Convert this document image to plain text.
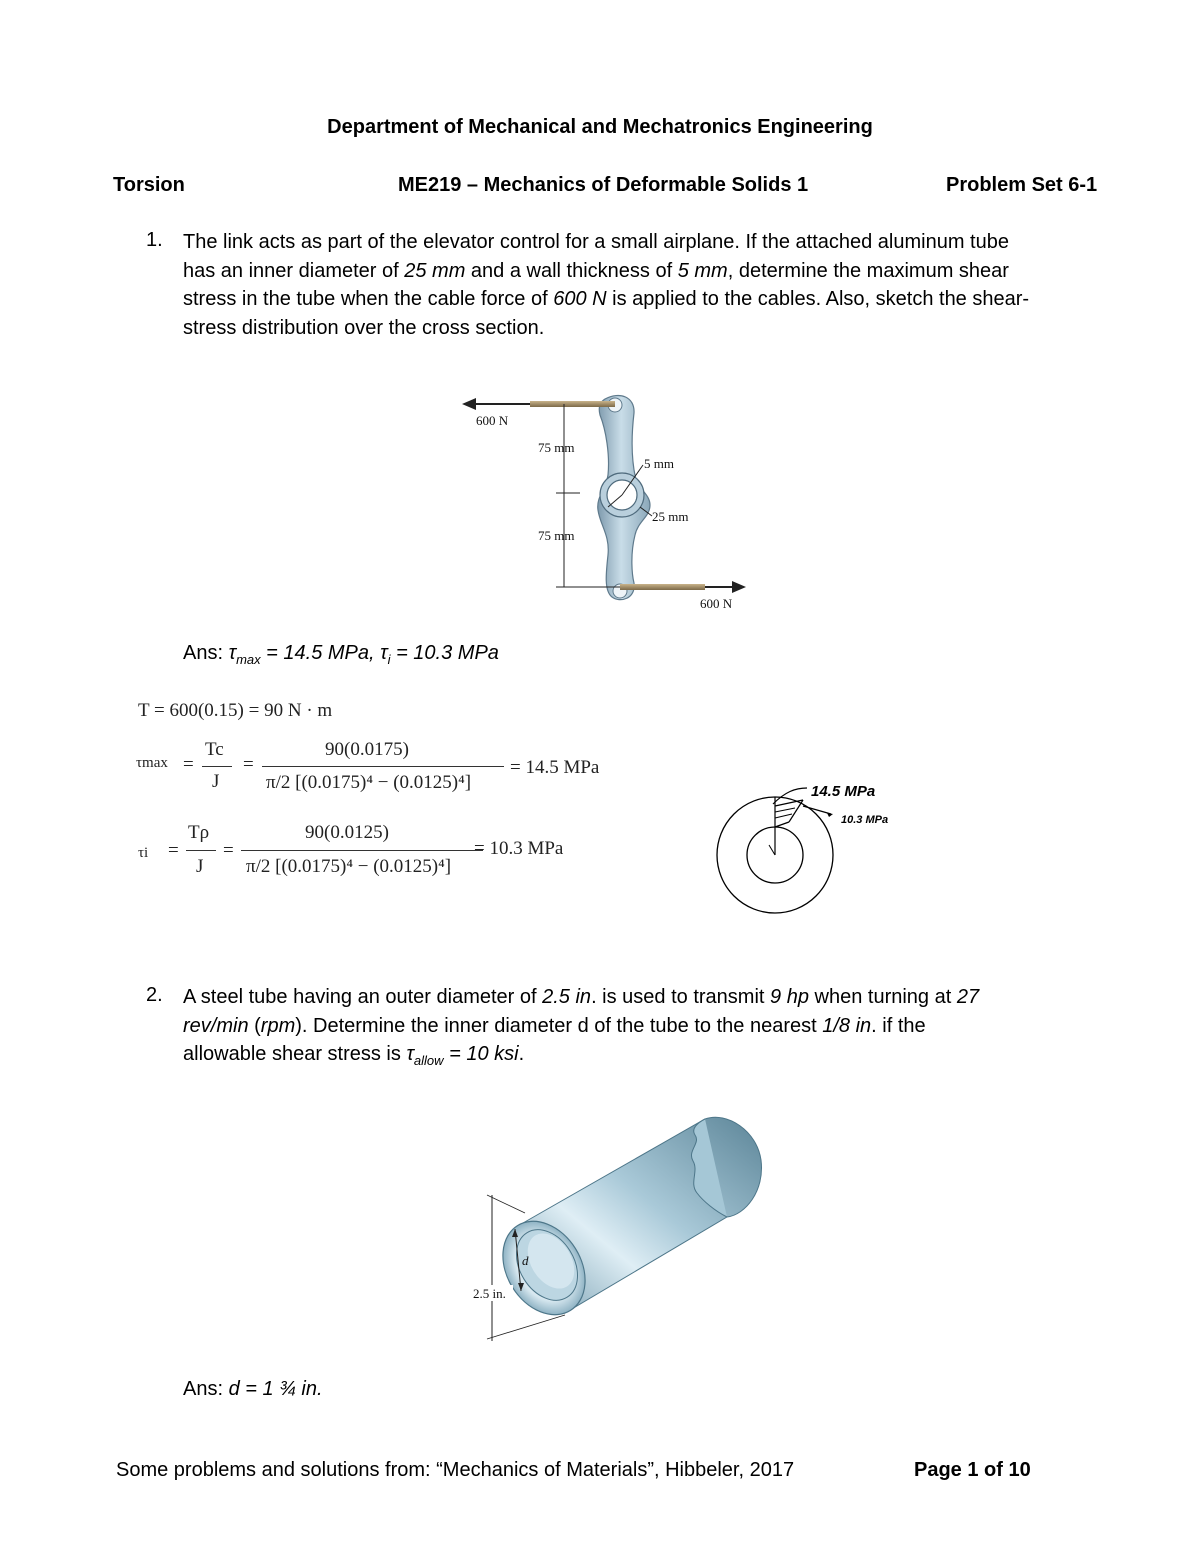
Department of Mechanical and Mechatronics Engineering
Torsion	ME219 – Mechanics of Deformable Solids 1	Problem Set 6-1
1. The link acts as part of the elevator control for a small airplane. If the attached aluminum tube
has an inner diameter of 25 mm and a wall thickness of 5 mm, determine the maximum shear
stress in the tube when the cable force of 600 N is applied to the cables. Also, sketch the shear-
stress distribution over the cross section.
600 N
75 mm
75 mm
5 mm
25 mm
600 N
Ans: $\tau_{max} = 14.5$ MPa, $\tau_i = 10.3$ MPa
T = 600(0.15) = 90 N · m
τmax =
Tc
J
=
90(0.0175)
π/2 [(0.0175)⁴ − (0.0125)⁴]
= 14.5 MPa
τi =
Tρ
J
=
90(0.0125)
π/2 [(0.0175)⁴ − (0.0125)⁴]
= 10.3 MPa
14.5 MPa
10.3 MPa
2. A steel tube having an outer diameter of 2.5 in. is used to transmit 9 hp when turning at 27
rev/min (rpm). Determine the inner diameter d of the tube to the nearest 1/8 in. if the
allowable shear stress is $\tau_{allow} = 10$ ksi.
2.5 in.
d
Ans: d = 1 ¾ in.
Some problems and solutions from: “Mechanics of Materials”, Hibbeler, 2017	Page 1 of 10
